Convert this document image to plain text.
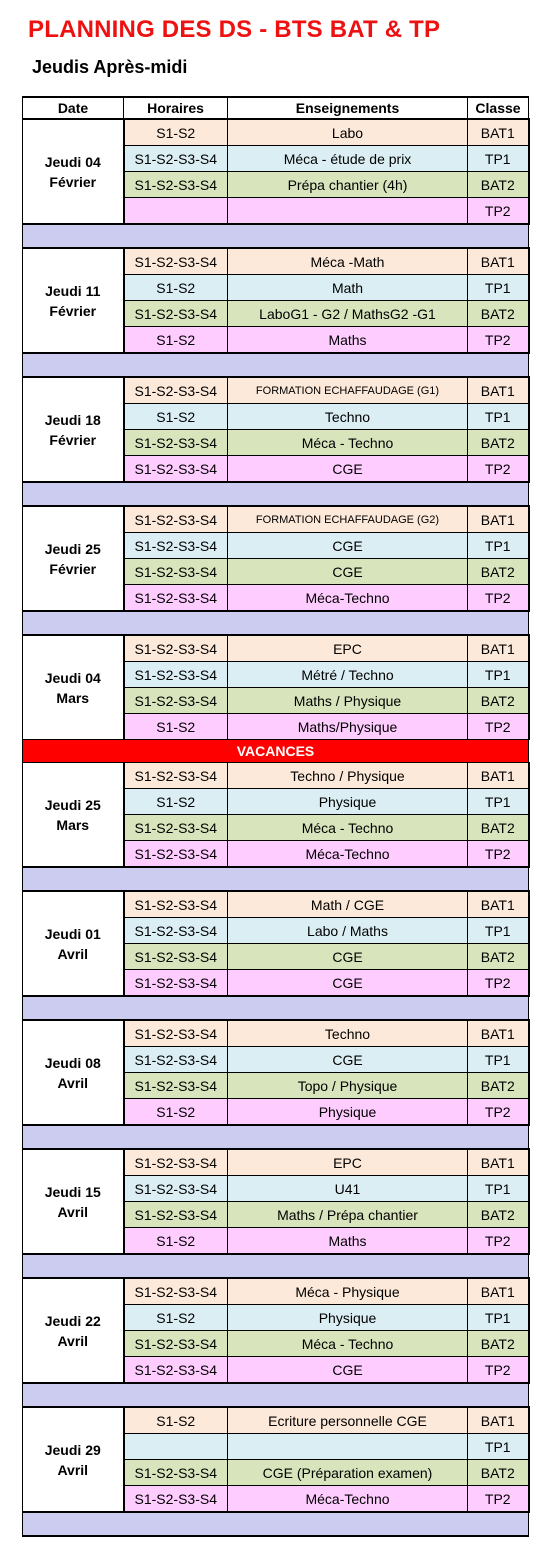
PLANNING DES DS - BTS BAT & TP
Jeudis Après-midi
Date	Horaires	Enseignements	Classe
Jeudi 04
Février	S1-S2	Labo	BAT1
	S1-S2-S3-S4	Méca - étude de prix	TP1
	S1-S2-S3-S4	Prépa chantier (4h)	BAT2
			TP2

Jeudi 11
Février	S1-S2-S3-S4	Méca -Math	BAT1
	S1-S2	Math	TP1
	S1-S2-S3-S4	LaboG1 - G2 / MathsG2 -G1	BAT2
	S1-S2	Maths	TP2

Jeudi 18
Février	S1-S2-S3-S4	FORMATION ECHAFFAUDAGE (G1)	BAT1
	S1-S2	Techno	TP1
	S1-S2-S3-S4	Méca - Techno	BAT2
	S1-S2-S3-S4	CGE	TP2

Jeudi 25
Février	S1-S2-S3-S4	FORMATION ECHAFFAUDAGE (G2)	BAT1
	S1-S2-S3-S4	CGE	TP1
	S1-S2-S3-S4	CGE	BAT2
	S1-S2-S3-S4	Méca-Techno	TP2

Jeudi 04
Mars	S1-S2-S3-S4	EPC	BAT1
	S1-S2-S3-S4	Métré / Techno	TP1
	S1-S2-S3-S4	Maths / Physique	BAT2
	S1-S2	Maths/Physique	TP2
VACANCES			
Jeudi 25
Mars	S1-S2-S3-S4	Techno / Physique	BAT1
	S1-S2	Physique	TP1
	S1-S2-S3-S4	Méca - Techno	BAT2
	S1-S2-S3-S4	Méca-Techno	TP2

Jeudi 01
Avril	S1-S2-S3-S4	Math / CGE	BAT1
	S1-S2-S3-S4	Labo / Maths	TP1
	S1-S2-S3-S4	CGE	BAT2
	S1-S2-S3-S4	CGE	TP2

Jeudi 08
Avril	S1-S2-S3-S4	Techno	BAT1
	S1-S2-S3-S4	CGE	TP1
	S1-S2-S3-S4	Topo / Physique	BAT2
	S1-S2	Physique	TP2

Jeudi 15
Avril	S1-S2-S3-S4	EPC	BAT1
	S1-S2-S3-S4	U41	TP1
	S1-S2-S3-S4	Maths / Prépa chantier	BAT2
	S1-S2	Maths	TP2

Jeudi 22
Avril	S1-S2-S3-S4	Méca - Physique	BAT1
	S1-S2	Physique	TP1
	S1-S2-S3-S4	Méca - Techno	BAT2
	S1-S2-S3-S4	CGE	TP2

Jeudi 29
Avril	S1-S2	Ecriture personnelle CGE	BAT1
			TP1
	S1-S2-S3-S4	CGE (Préparation examen)	BAT2
	S1-S2-S3-S4	Méca-Techno	TP2
